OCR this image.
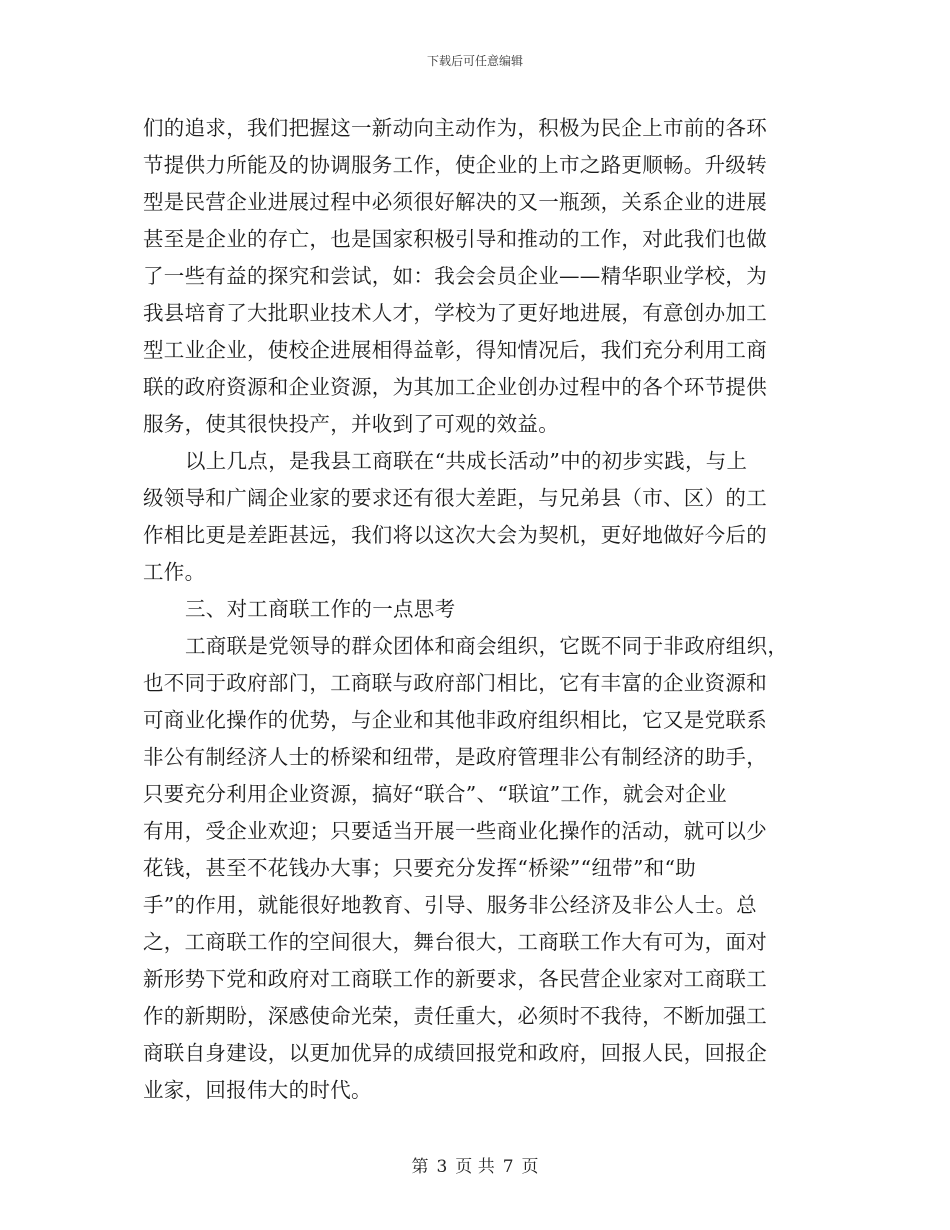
下载后可任意编辑
们的追求，我们把握这一新动向主动作为，积极为民企上市前的各环
节提供力所能及的协调服务工作，使企业的上市之路更顺畅。升级转
型是民营企业进展过程中必须很好解决的又一瓶颈，关系企业的进展
甚至是企业的存亡，也是国家积极引导和推动的工作，对此我们也做
了一些有益的探究和尝试，如：我会会员企业——精华职业学校，为
我县培育了大批职业技术人才，学校为了更好地进展，有意创办加工
型工业企业，使校企进展相得益彰，得知情况后，我们充分利用工商
联的政府资源和企业资源，为其加工企业创办过程中的各个环节提供
服务，使其很快投产，并收到了可观的效益。
以上几点，是我县工商联在“共成长活动”中的初步实践，与上
级领导和广阔企业家的要求还有很大差距，与兄弟县（市、区）的工
作相比更是差距甚远，我们将以这次大会为契机，更好地做好今后的
工作。
三、对工商联工作的一点思考
工商联是党领导的群众团体和商会组织，它既不同于非政府组织，
也不同于政府部门，工商联与政府部门相比，它有丰富的企业资源和
可商业化操作的优势，与企业和其他非政府组织相比，它又是党联系
非公有制经济人士的桥梁和纽带，是政府管理非公有制经济的助手，
只要充分利用企业资源，搞好“联合”、“联谊”工作，就会对企业
有用，受企业欢迎；只要适当开展一些商业化操作的活动，就可以少
花钱，甚至不花钱办大事；只要充分发挥“桥梁”“纽带”和“助
手”的作用，就能很好地教育、引导、服务非公经济及非公人士。总
之，工商联工作的空间很大，舞台很大，工商联工作大有可为，面对
新形势下党和政府对工商联工作的新要求，各民营企业家对工商联工
作的新期盼，深感使命光荣，责任重大，必须时不我待，不断加强工
商联自身建设，以更加优异的成绩回报党和政府，回报人民，回报企
业家，回报伟大的时代。
第 3 页 共 7 页
